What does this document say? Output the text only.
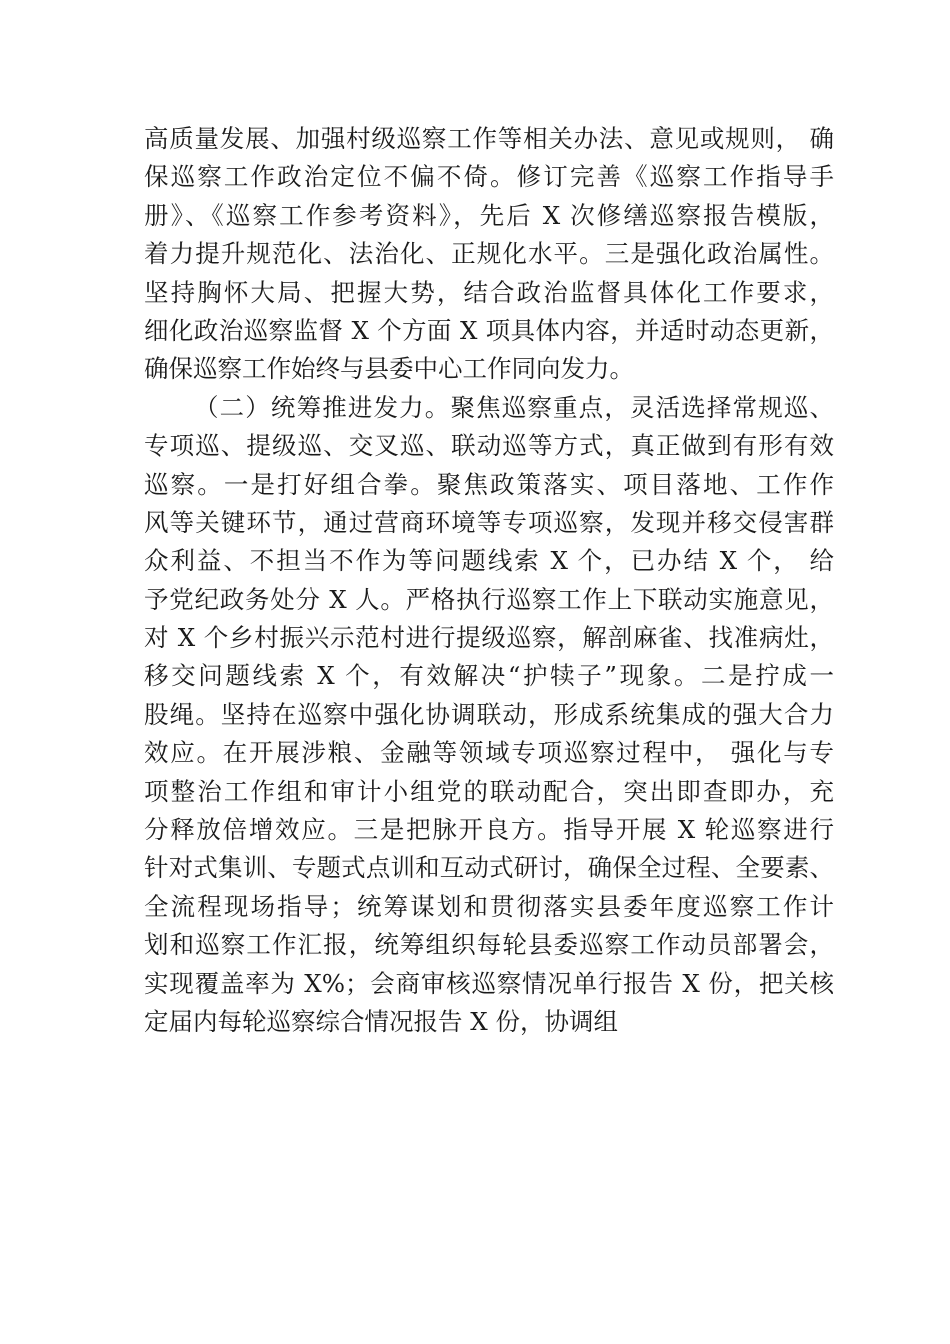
高质量发展、加强村级巡察工作等相关办法、意见或规则， 确
保巡察工作政治定位不偏不倚。修订完善《巡察工作指导手
册》、《巡察工作参考资料》，先后 X 次修缮巡察报告模版，
着力提升规范化、法治化、正规化水平。三是强化政治属性。
坚持胸怀大局、把握大势，结合政治监督具体化工作要求，
细化政治巡察监督 X 个方面 X 项具体内容，并适时动态更新，
确保巡察工作始终与县委中心工作同向发力。
（二）统筹推进发力。聚焦巡察重点，灵活选择常规巡、
专项巡、提级巡、交叉巡、联动巡等方式，真正做到有形有效
巡察。一是打好组合拳。聚焦政策落实、项目落地、工作作
风等关键环节，通过营商环境等专项巡察，发现并移交侵害群
众利益、不担当不作为等问题线索 X 个，已办结 X 个， 给
予党纪政务处分 X 人。严格执行巡察工作上下联动实施意见，
对 X 个乡村振兴示范村进行提级巡察，解剖麻雀、找准病灶，
移交问题线索 X 个，有效解决“护犊子”现象。二是拧成一
股绳。坚持在巡察中强化协调联动，形成系统集成的强大合力
效应。在开展涉粮、金融等领域专项巡察过程中， 强化与专
项整治工作组和审计小组党的联动配合，突出即查即办，充
分释放倍增效应。三是把脉开良方。指导开展 X 轮巡察进行
针对式集训、专题式点训和互动式研讨，确保全过程、全要素、
全流程现场指导；统筹谋划和贯彻落实县委年度巡察工作计
划和巡察工作汇报，统筹组织每轮县委巡察工作动员部署会，
实现覆盖率为 X%；会商审核巡察情况单行报告 X 份，把关核
定届内每轮巡察综合情况报告 X 份，协调组
